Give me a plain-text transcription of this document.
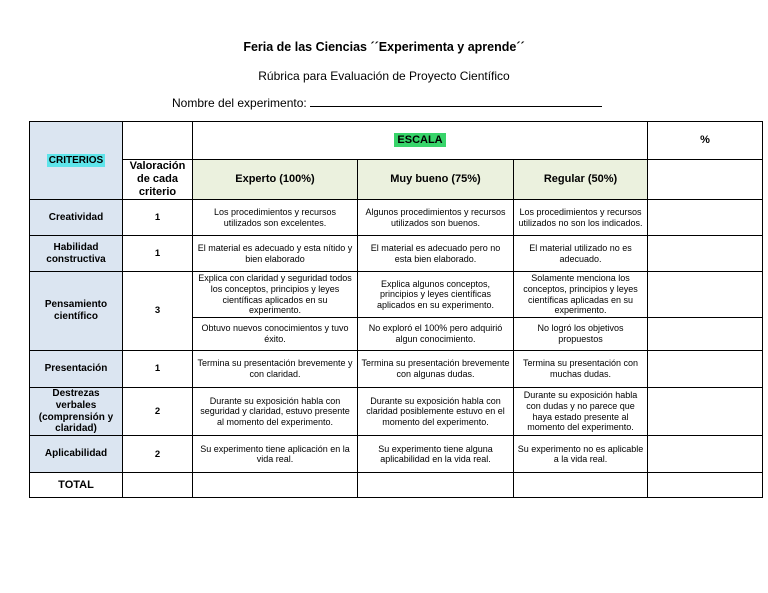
Feria de las Ciencias ´´Experimenta y aprende´´
Rúbrica para Evaluación de Proyecto Científico
Nombre del experimento:
CRITERIOS		ESCALA			%
	Valoración de cada criterio	Experto (100%)	Muy bueno (75%)	Regular (50%)	
Creatividad	1	Los procedimientos y recursos utilizados son excelentes.	Algunos procedimientos y recursos utilizados son buenos.	Los procedimientos y recursos utilizados no son los indicados.	
Habilidad constructiva	1	El material es adecuado y esta nítido y bien elaborado	El material es adecuado pero no esta bien elaborado.	El material utilizado no es adecuado.	
Pensamiento científico	3	Explica con claridad y seguridad todos los conceptos, principios y leyes científicas aplicados en su experimento.	Explica algunos conceptos, principios y leyes científicas aplicados en su experimento.	Solamente menciona los conceptos, principios y leyes científicas aplicadas en su experimento.	
		Obtuvo nuevos conocimientos y tuvo éxito.	No exploró el 100% pero adquirió algun conocimiento.	No logró los objetivos propuestos	
Presentación	1	Termina su presentación brevemente y con claridad.	Termina su presentación brevemente con algunas dudas.	Termina su presentación con muchas dudas.	
Destrezas verbales (comprensión y claridad)	2	Durante su exposición habla con seguridad y claridad, estuvo presente al momento del experimento.	Durante su exposición habla con claridad posiblemente estuvo en el momento del experimento.	Durante su exposición habla con dudas y no parece que haya estado presente al momento del experimento.	
Aplicabilidad	2	Su experimento tiene aplicación en la vida real.	Su experimento tiene alguna aplicabilidad en la vida real.	Su experimento no es aplicable a la vida real.	
TOTAL					
